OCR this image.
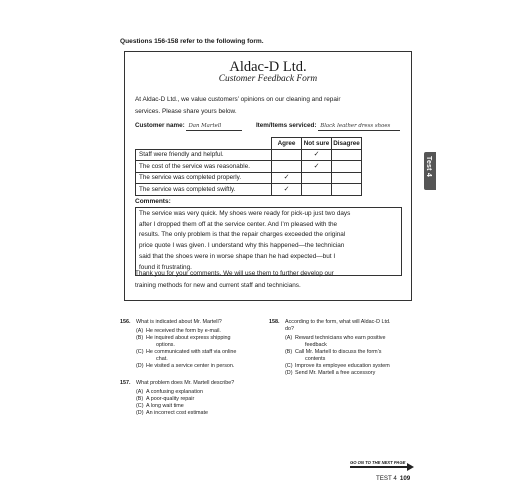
Questions 156-158 refer to the following form.
Aldac-D Ltd.
Customer Feedback Form
At Aldac-D Ltd., we value customers’ opinions on our cleaning and repair
services. Please share yours below.
Customer name: Dan Martell	Item/Items serviced: Black leather dress shoes
	Agree	Not sure	Disagree
Staff were friendly and helpful.		✓	
The cost of the service was reasonable.		✓	
The service was completed properly.	✓		
The service was completed swiftly.	✓		
Comments:
The service was very quick. My shoes were ready for pick-up just two days
after I dropped them off at the service center. And I’m pleased with the
results. The only problem is that the repair charges exceeded the original
price quote I was given. I understand why this happened—the technician
said that the shoes were in worse shape than he had expected—but I
found it frustrating.
Thank you for your comments. We will use them to further develop our
training methods for new and current staff and technicians.
156. What is indicated about Mr. Martell?
(A) He received the form by e-mail.
(B) He inquired about express shipping
options.
(C) He communicated with staff via online
chat.
(D) He visited a service center in person.
157. What problem does Mr. Martell describe?
(A) A confusing explanation
(B) A poor-quality repair
(C) A long wait time
(D) An incorrect cost estimate
158. According to the form, what will Aldac-D Ltd.
do?
(A) Reward technicians who earn positive
feedback
(B) Call Mr. Martell to discuss the form’s
contents
(C) Improve its employee education system
(D) Send Mr. Martell a free accessory
Test 4
GO ON TO THE NEXT PAGE
TEST 4 109
